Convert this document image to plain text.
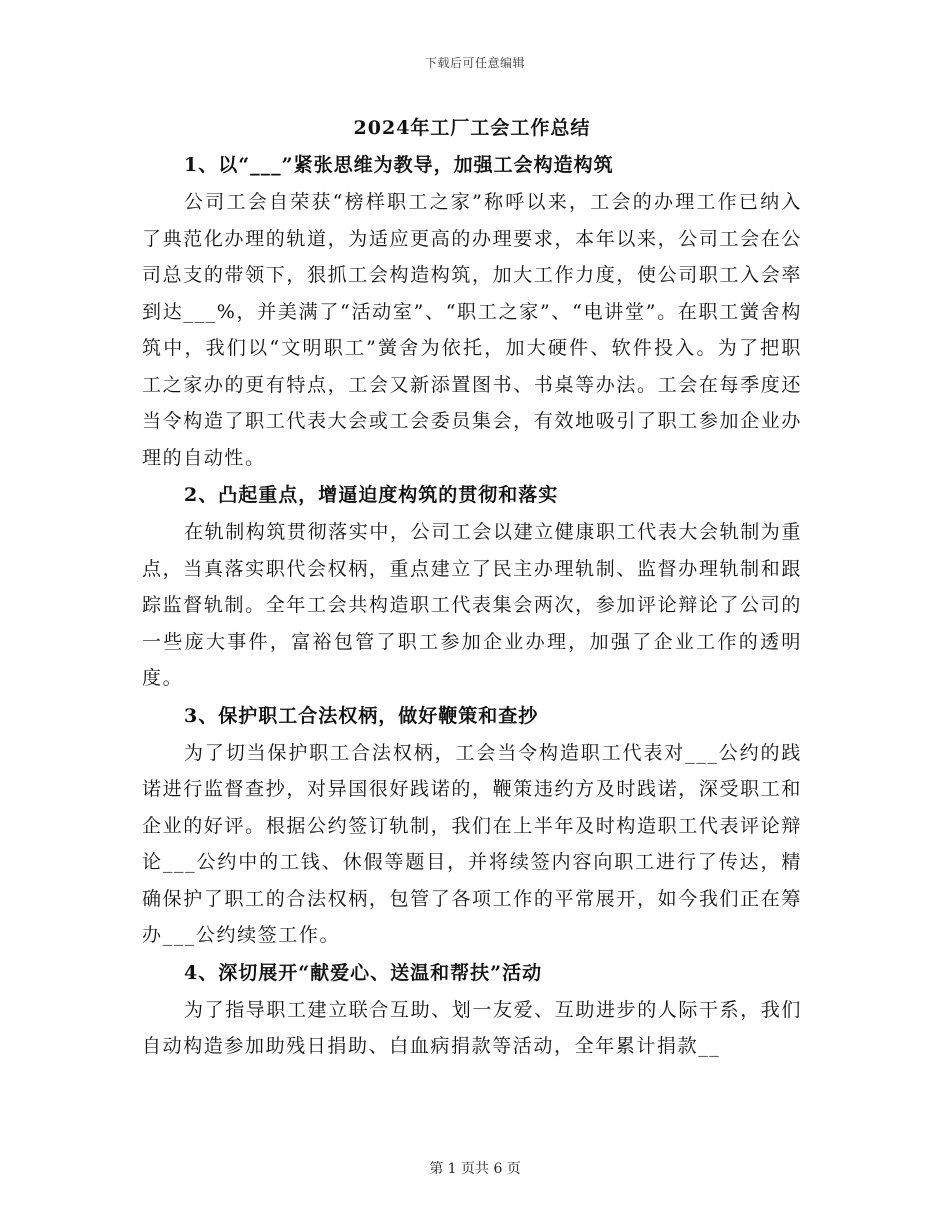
下载后可任意编辑
2024年工厂工会工作总结
1、以“___”紧张思维为教导，加强工会构造构筑

公司工会自荣获“榜样职工之家”称呼以来，工会的办理工作已纳入了典范化办理的轨道，为适应更高的办理要求，本年以来，公司工会在公司总支的带领下，狠抓工会构造构筑，加大工作力度，使公司职工入会率到达___%，并美满了“活动室”、“职工之家”、“电讲堂”。在职工黉舍构筑中，我们以“文明职工”黉舍为依托，加大硬件、软件投入。为了把职工之家办的更有特点，工会又新添置图书、书桌等办法。工会在每季度还当令构造了职工代表大会或工会委员集会，有效地吸引了职工参加企业办理的自动性。

2、凸起重点，增逼迫度构筑的贯彻和落实

在轨制构筑贯彻落实中，公司工会以建立健康职工代表大会轨制为重点，当真落实职代会权柄，重点建立了民主办理轨制、监督办理轨制和跟踪监督轨制。全年工会共构造职工代表集会两次，参加评论辩论了公司的一些庞大事件，富裕包管了职工参加企业办理，加强了企业工作的透明度。

3、保护职工合法权柄，做好鞭策和查抄

为了切当保护职工合法权柄，工会当令构造职工代表对___公约的践诺进行监督查抄，对异国很好践诺的，鞭策违约方及时践诺，深受职工和企业的好评。根据公约签订轨制，我们在上半年及时构造职工代表评论辩论___公约中的工钱、休假等题目，并将续签内容向职工进行了传达，精确保护了职工的合法权柄，包管了各项工作的平常展开，如今我们正在筹办___公约续签工作。

4、深切展开“献爱心、送温和帮扶”活动

为了指导职工建立联合互助、划一友爱、互助进步的人际干系，我们自动构造参加助残日捐助、白血病捐款等活动，全年累计捐款__

第 1 页共 6 页
